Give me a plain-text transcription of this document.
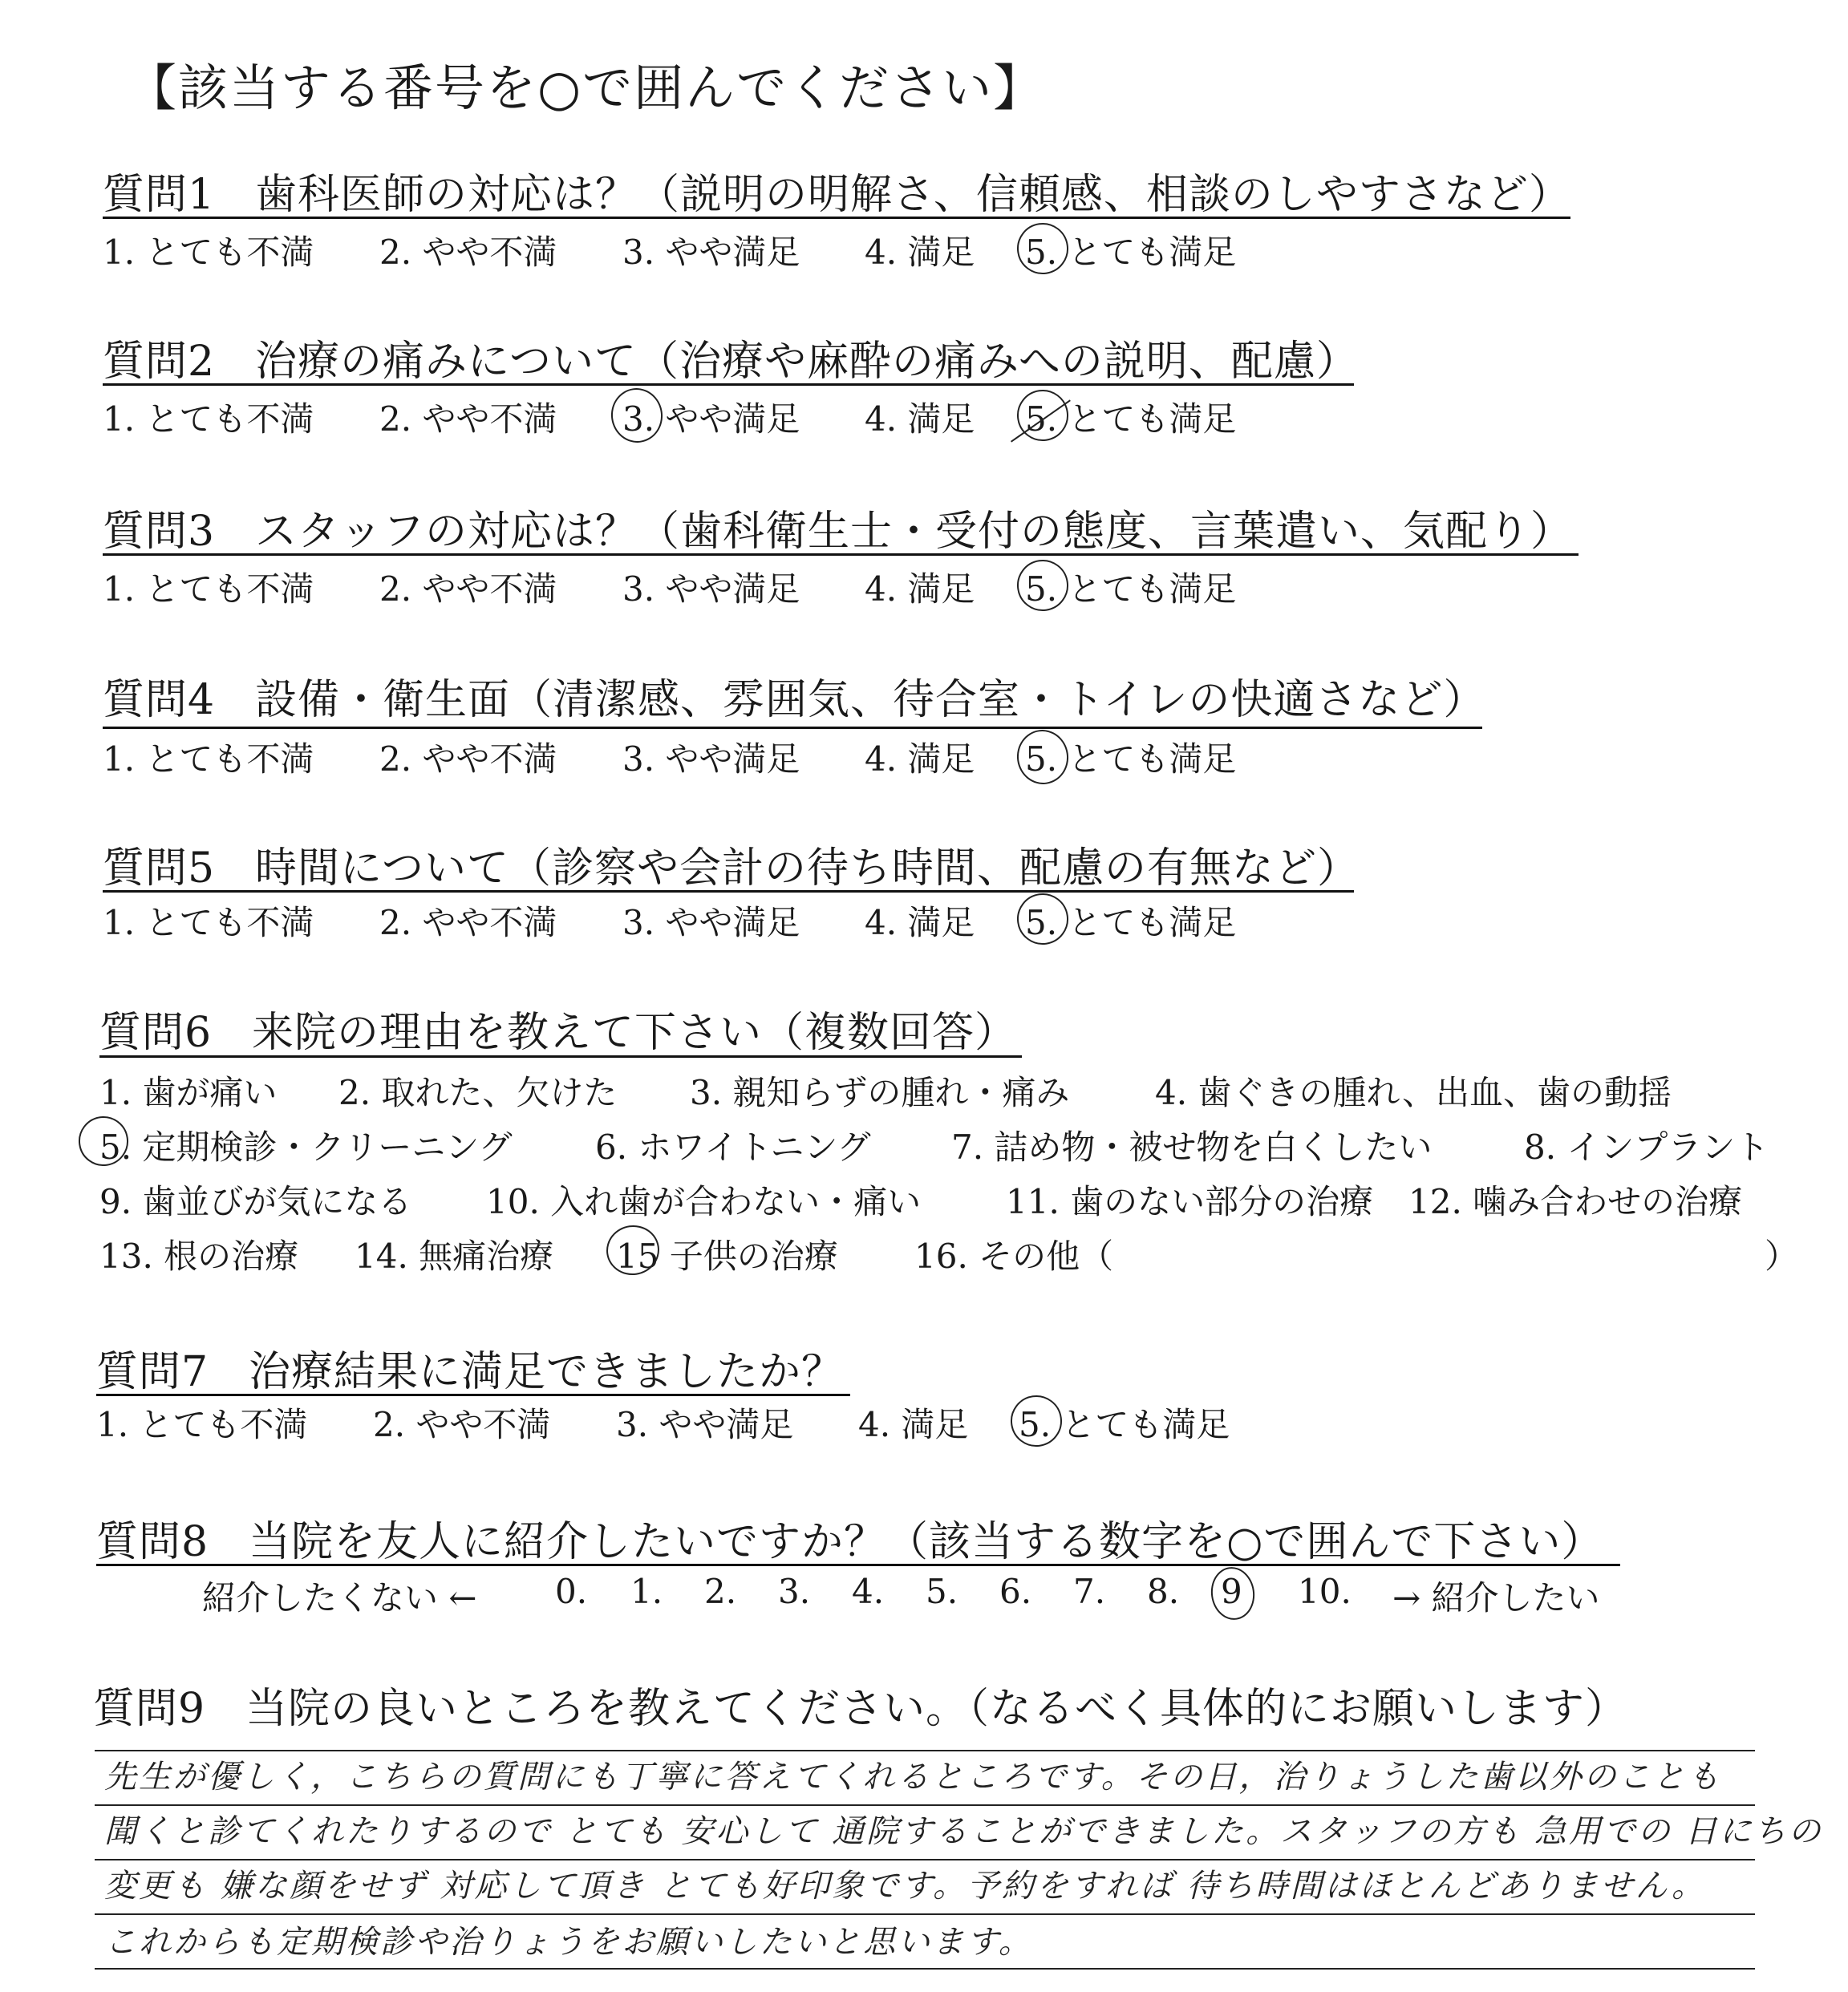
【該当する番号を○で囲んでください】
質問1 歯科医師の対応は？（説明の明解さ、信頼感、相談のしやすさなど）
1. とても不満 2. やや不満 3. やや満足 4. 満足 5. とても満足
質問2 治療の痛みについて（治療や麻酔の痛みへの説明、配慮）
1. とても不満 2. やや不満 3. やや満足 4. 満足 5. とても満足
質問3 スタッフの対応は？（歯科衛生士・受付の態度、言葉遣い、気配り）
1. とても不満 2. やや不満 3. やや満足 4. 満足 5. とても満足
質問4 設備・衛生面（清潔感、雰囲気、待合室・トイレの快適さなど）
1. とても不満 2. やや不満 3. やや満足 4. 満足 5. とても満足
質問5 時間について（診察や会計の待ち時間、配慮の有無など）
1. とても不満 2. やや不満 3. やや満足 4. 満足 5. とても満足
質問6 来院の理由を教えて下さい（複数回答）
1. 歯が痛い 2. 取れた、欠けた 3. 親知らずの腫れ・痛み	4. 歯ぐきの腫れ、出血、歯の動揺
5. 定期検診・クリーニング 6. ホワイトニング 7. 詰め物・被せ物を白くしたい	8. インプラント
9. 歯並びが気になる 10. 入れ歯が合わない・痛い	11. 歯のない部分の治療 12. 噛み合わせの治療
13. 根の治療 14. 無痛治療 15 子供の治療 16. その他（	）
質問7 治療結果に満足できましたか？
1. とても不満 2. やや不満 3. やや満足 4. 満足 5. とても満足
質問8 当院を友人に紹介したいですか？（該当する数字を○で囲んで下さい）
紹介したくない ← 0. 1. 2. 3. 4. 5. 6. 7. 8. 9 10. → 紹介したい
質問9 当院の良いところを教えてください。（なるべく具体的にお願いします）
先生が優しく，こちらの質問にも丁寧に答えてくれるところです。その日，治りょうした歯以外のことも
聞くと診てくれたりするので とても 安心して 通院することができました。スタッフの方も 急用での 日にちの
変更も 嫌な顔をせず 対応して頂き とても好印象です。予約をすれば 待ち時間はほとんどありません。
これからも定期検診や治りょうをお願いしたいと思います。
